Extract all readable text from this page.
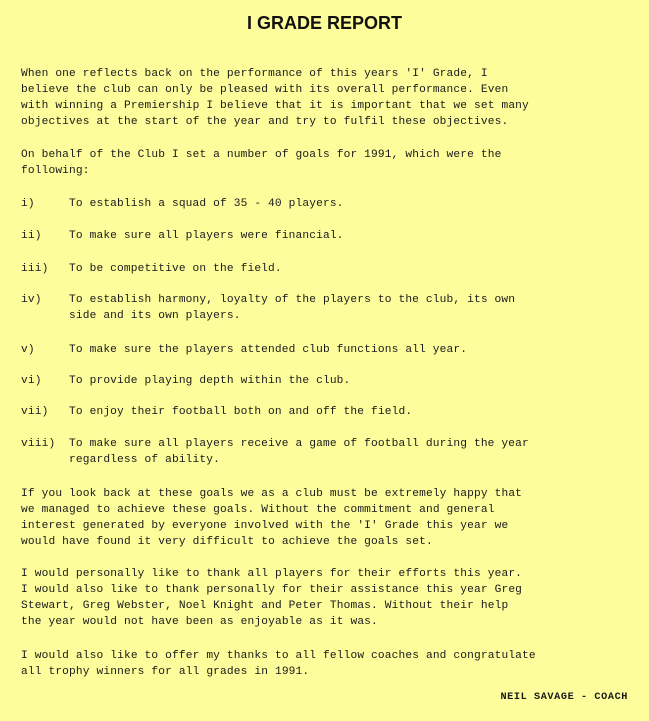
I GRADE REPORT

When one reflects back on the performance of this years 'I' Grade, I
believe the club can only be pleased with its overall performance. Even
with winning a Premiership I believe that it is important that we set many
objectives at the start of the year and try to fulfil these objectives.

On behalf of the Club I set a number of goals for 1991, which were the
following:

i)	To establish a squad of 35 - 40 players.
ii)	To make sure all players were financial.
iii)	To be competitive on the field.
iv)	To establish harmony, loyalty of the players to the club, its own
side and its own players.
v)	To make sure the players attended club functions all year.
vi)	To provide playing depth within the club.
vii)	To enjoy their football both on and off the field.
viii)	To make sure all players receive a game of football during the year
regardless of ability.

If you look back at these goals we as a club must be extremely happy that
we managed to achieve these goals. Without the commitment and general
interest generated by everyone involved with the 'I' Grade this year we
would have found it very difficult to achieve the goals set.

I would personally like to thank all players for their efforts this year.
I would also like to thank personally for their assistance this year Greg
Stewart, Greg Webster, Noel Knight and Peter Thomas. Without their help
the year would not have been as enjoyable as it was.

I would also like to offer my thanks to all fellow coaches and congratulate
all trophy winners for all grades in 1991.

NEIL SAVAGE - COACH
